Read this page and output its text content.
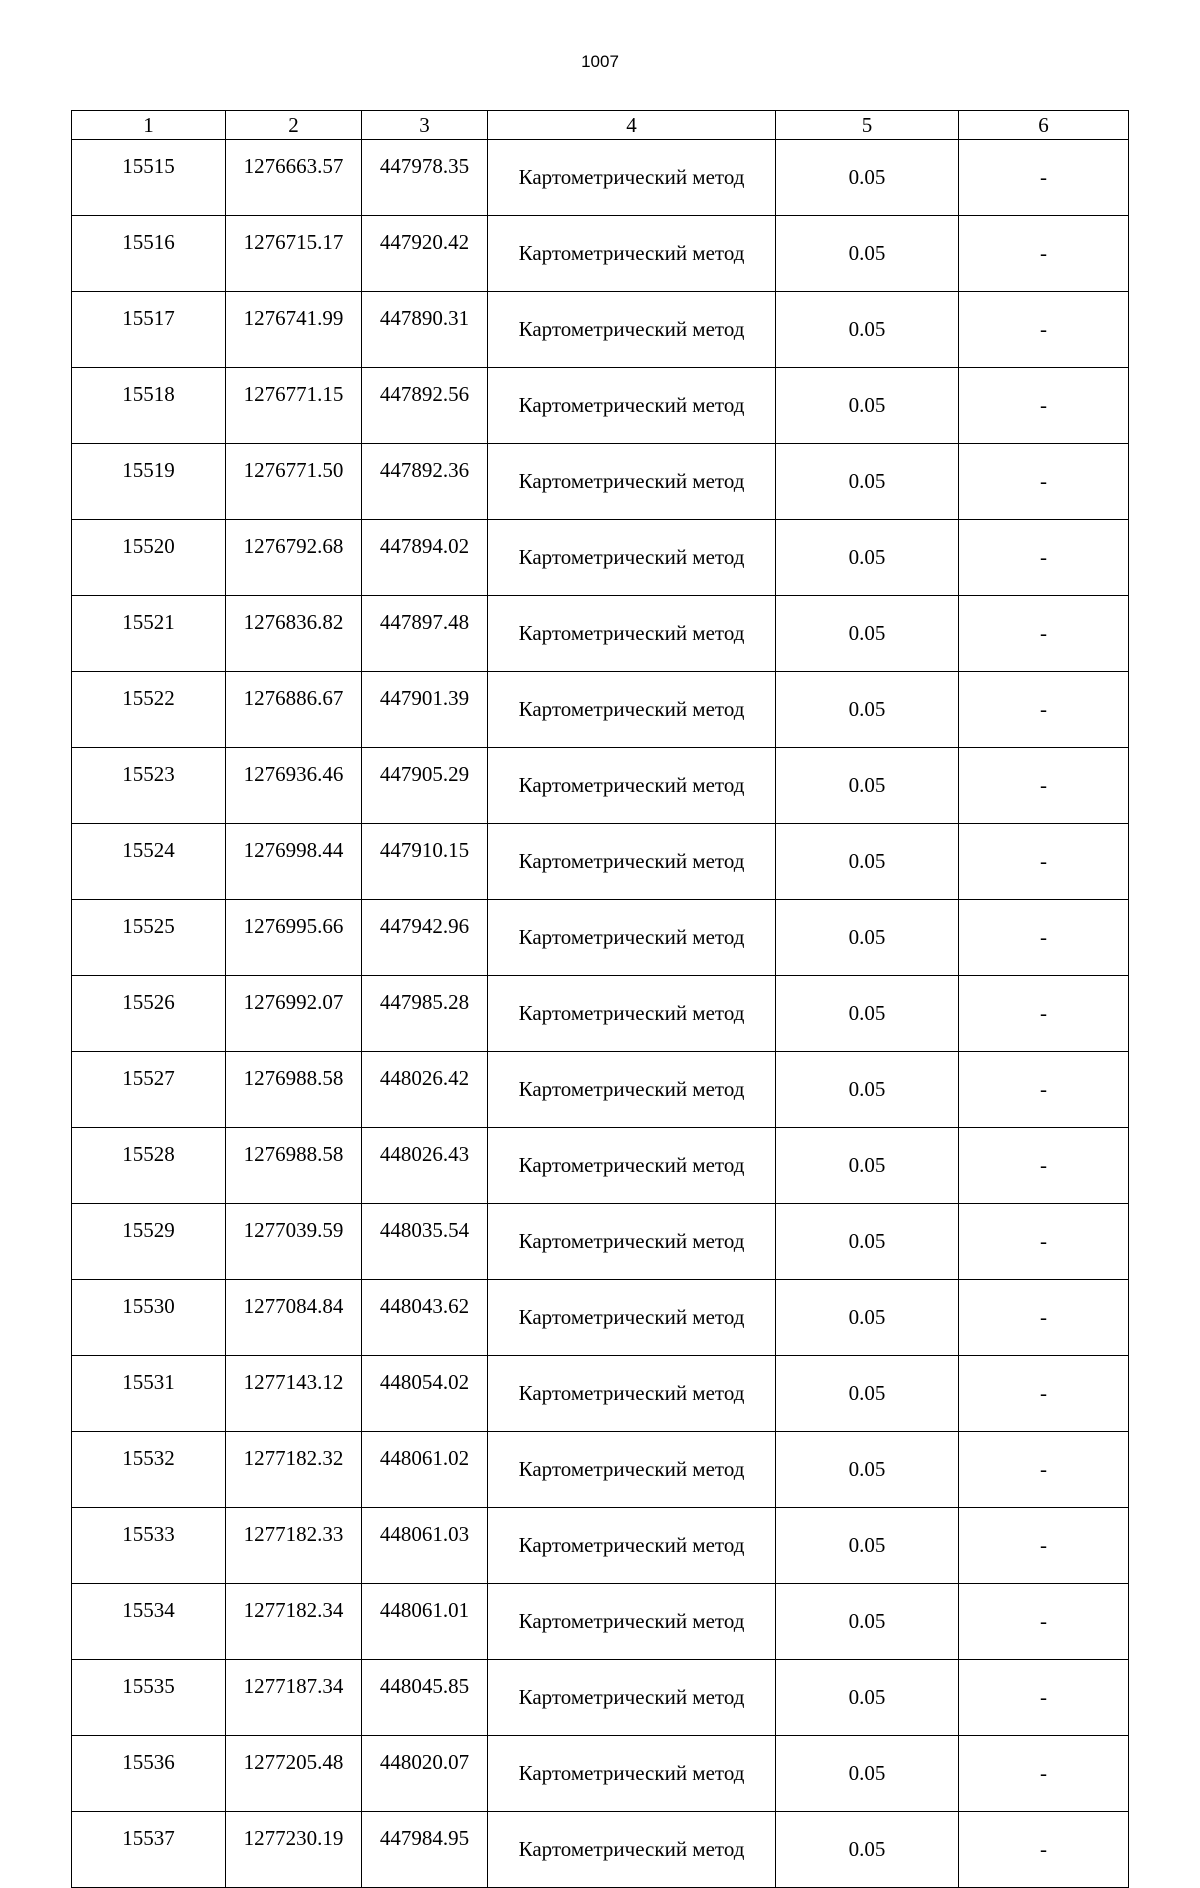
1007
1	2	3	4	5	6
15515	1276663.57	447978.35	Картометрический метод	0.05	-
15516	1276715.17	447920.42	Картометрический метод	0.05	-
15517	1276741.99	447890.31	Картометрический метод	0.05	-
15518	1276771.15	447892.56	Картометрический метод	0.05	-
15519	1276771.50	447892.36	Картометрический метод	0.05	-
15520	1276792.68	447894.02	Картометрический метод	0.05	-
15521	1276836.82	447897.48	Картометрический метод	0.05	-
15522	1276886.67	447901.39	Картометрический метод	0.05	-
15523	1276936.46	447905.29	Картометрический метод	0.05	-
15524	1276998.44	447910.15	Картометрический метод	0.05	-
15525	1276995.66	447942.96	Картометрический метод	0.05	-
15526	1276992.07	447985.28	Картометрический метод	0.05	-
15527	1276988.58	448026.42	Картометрический метод	0.05	-
15528	1276988.58	448026.43	Картометрический метод	0.05	-
15529	1277039.59	448035.54	Картометрический метод	0.05	-
15530	1277084.84	448043.62	Картометрический метод	0.05	-
15531	1277143.12	448054.02	Картометрический метод	0.05	-
15532	1277182.32	448061.02	Картометрический метод	0.05	-
15533	1277182.33	448061.03	Картометрический метод	0.05	-
15534	1277182.34	448061.01	Картометрический метод	0.05	-
15535	1277187.34	448045.85	Картометрический метод	0.05	-
15536	1277205.48	448020.07	Картометрический метод	0.05	-
15537	1277230.19	447984.95	Картометрический метод	0.05	-
